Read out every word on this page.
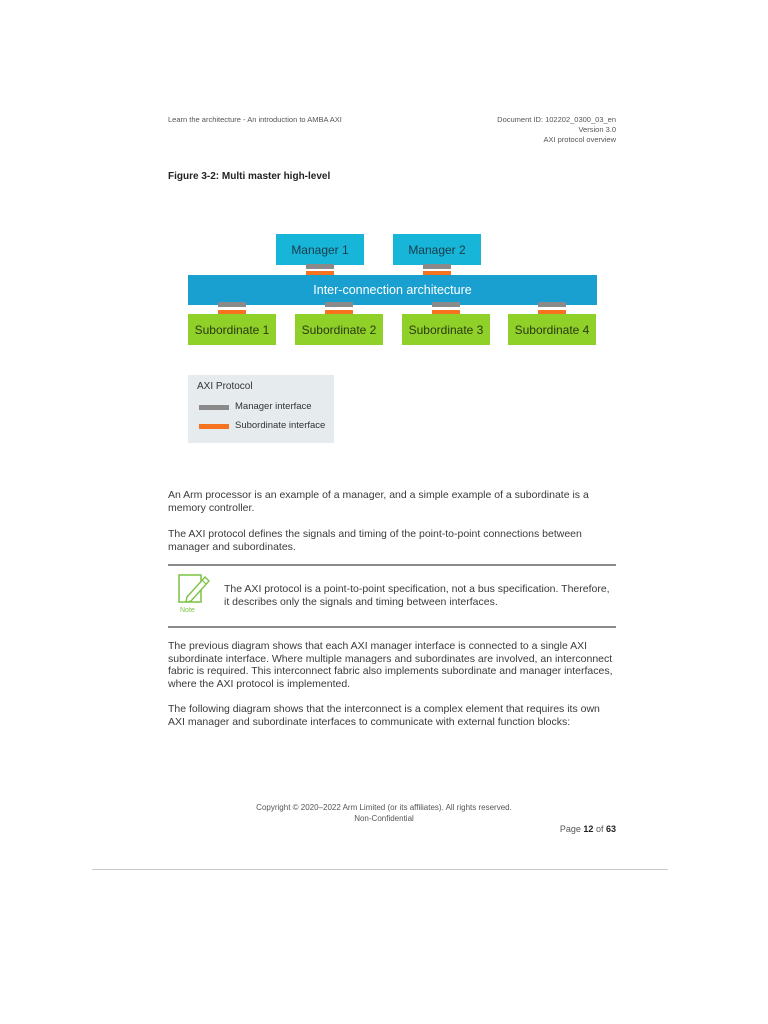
Learn the architecture - An introduction to AMBA AXI	Document ID: 102202_0300_03_en
Version 3.0
AXI protocol overview
Figure 3-2: Multi master high-level
Manager 1	Manager 2
Inter-connection architecture
Subordinate 1	Subordinate 2	Subordinate 3	Subordinate 4
AXI Protocol
Manager interface
Subordinate interface
An Arm processor is an example of a manager, and a simple example of a subordinate is a memory controller.
The AXI protocol defines the signals and timing of the point-to-point connections between manager and subordinates.
Note
The AXI protocol is a point-to-point specification, not a bus specification. Therefore, it describes only the signals and timing between interfaces.
The previous diagram shows that each AXI manager interface is connected to a single AXI subordinate interface. Where multiple managers and subordinates are involved, an interconnect fabric is required. This interconnect fabric also implements subordinate and manager interfaces, where the AXI protocol is implemented.
The following diagram shows that the interconnect is a complex element that requires its own AXI manager and subordinate interfaces to communicate with external function blocks:
Copyright © 2020–2022 Arm Limited (or its affiliates). All rights reserved.
Non-Confidential
Page 12 of 63
